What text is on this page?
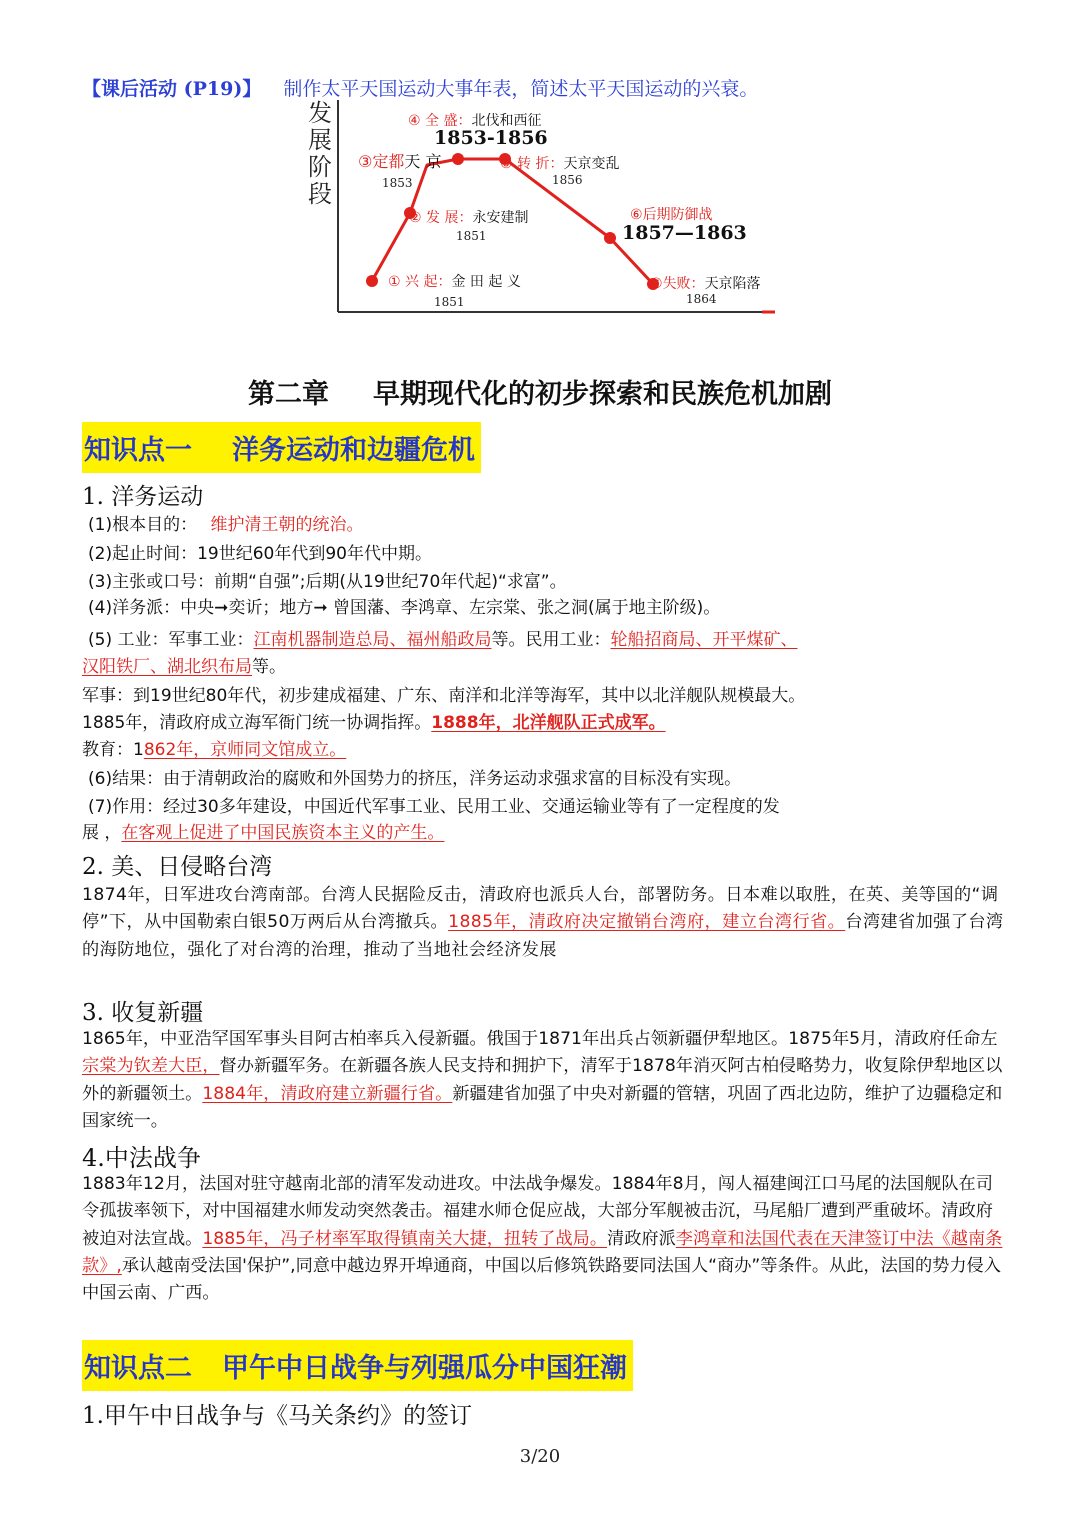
【课后活动 (P19)】 制作太平天国运动大事年表，简述太平天国运动的兴衰。
发展阶段
④ 全 盛：北伐和西征
1853-1856
③定都天 京
1853
⑤ 转 折：天京变乱
1856
② 发 展：永安建制
1851
⑥后期防御战
1857—1863
① 兴 起：金 田 起 义
1851
⑦失败：天京陷落
1864
第二章 早期现代化的初步探索和民族危机加剧
知识点一 洋务运动和边疆危机
1. 洋务运动
(1)根本目的： 维护清王朝的统治。
(2)起止时间：19世纪60年代到90年代中期。
(3)主张或口号：前期“自强”;后期(从19世纪70年代起)“求富”。
(4)洋务派：中央➞奕䜣；地方➞ 曾国藩、李鸿章、左宗棠、张之洞(属于地主阶级)。
(5) 工业：军事工业：江南机器制造总局、福州船政局等。民用工业：轮船招商局、开平煤矿、
汉阳铁厂、湖北织布局等。
军事：到19世纪80年代，初步建成福建、广东、南洋和北洋等海军，其中以北洋舰队规模最大。
1885年，清政府成立海军衙门统一协调指挥。1888年，北洋舰队正式成军。
教育：1862年，京师同文馆成立。
(6)结果：由于清朝政治的腐败和外国势力的挤压，洋务运动求强求富的目标没有实现。
(7)作用：经过30多年建设，中国近代军事工业、民用工业、交通运输业等有了一定程度的发
展 ，在客观上促进了中国民族资本主义的产生。
2. 美、日侵略台湾
1874年，日军进攻台湾南部。台湾人民据险反击，清政府也派兵人台，部署防务。日本难以取胜，在英、美等国的“调停”下，从中国勒索白银50万两后从台湾撤兵。1885年，清政府决定撤销台湾府，建立台湾行省。台湾建省加强了台湾的海防地位，强化了对台湾的治理，推动了当地社会经济发展
3. 收复新疆
1865年，中亚浩罕国军事头目阿古柏率兵入侵新疆。俄国于1871年出兵占领新疆伊犁地区。1875年5月，清政府任命左宗棠为钦差大臣，督办新疆军务。在新疆各族人民支持和拥护下，清军于1878年消灭阿古柏侵略势力，收复除伊犁地区以外的新疆领土。1884年，清政府建立新疆行省。新疆建省加强了中央对新疆的管辖，巩固了西北边防，维护了边疆稳定和国家统一。
4.中法战争
1883年12月，法国对驻守越南北部的清军发动进攻。中法战争爆发。1884年8月，闯人福建闽江口马尾的法国舰队在司令孤拔率领下，对中国福建水师发动突然袭击。福建水师仓促应战，大部分军舰被击沉，马尾船厂遭到严重破坏。清政府被迫对法宣战。1885年，冯子材率军取得镇南关大捷，扭转了战局。清政府派李鸿章和法国代表在天津签订中法《越南条款》,承认越南受法国'保护”,同意中越边界开埠通商，中国以后修筑铁路要同法国人“商办”等条件。从此，法国的势力侵入中国云南、广西。
知识点二 甲午中日战争与列强瓜分中国狂潮
1.甲午中日战争与《马关条约》的签订
3/20
